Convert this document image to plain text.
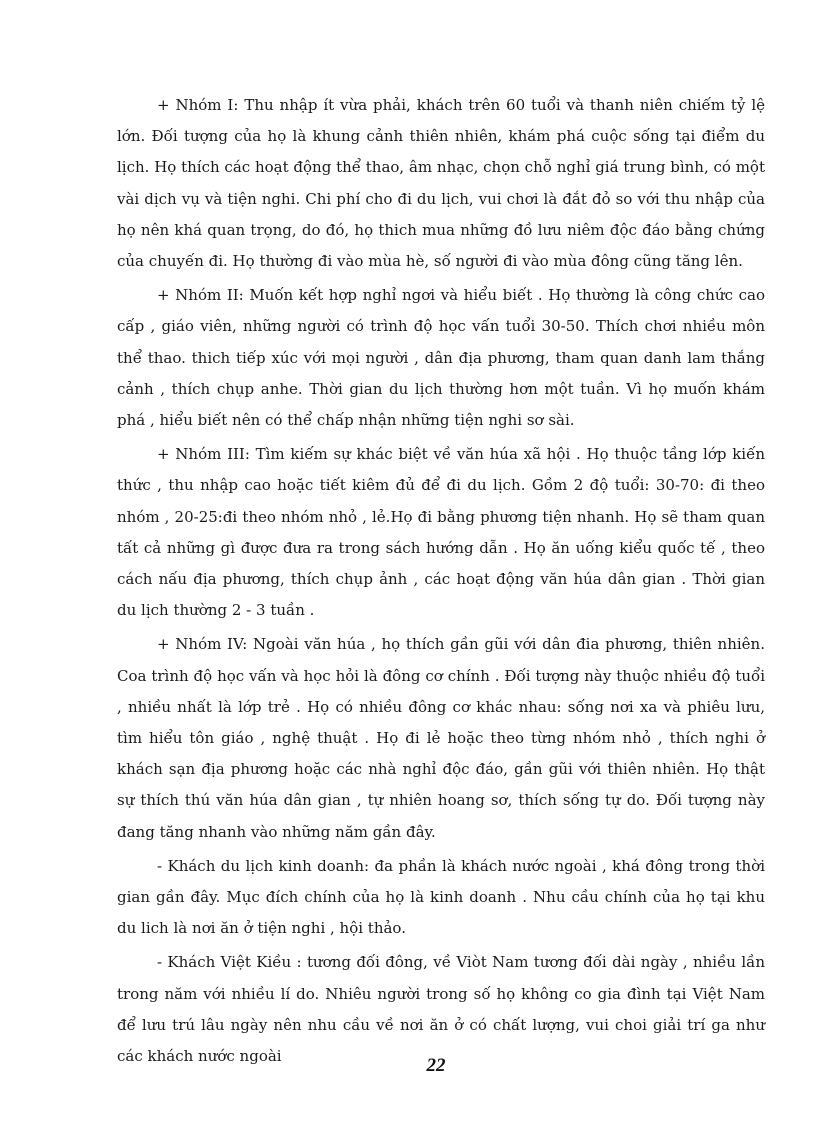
+ Nhóm I: Thu nhập ít vừa phải, khách trên 60 tuổi và thanh niên chiếm tỷ lệ lớn. Đối tượng của họ là khung cảnh thiên nhiên, khám phá cuộc sống tại điểm du lịch. Họ thích các hoạt động thể thao, âm nhạc, chọn chỗ nghỉ giá trung bình, có một vài dịch vụ và tiện nghi. Chi phí cho đi du lịch, vui chơi là đắt đỏ so với thu nhập của họ nên khá quan trọng, do đó, họ thich mua những đồ lưu niêm độc đáo bằng chứng của chuyến đi. Họ thường đi vào mùa hè, số người đi vào mùa đông cũng tăng lên.

+ Nhóm II: Muốn kết hợp nghỉ ngơi và hiểu biết . Họ thường là công chức cao cấp , giáo viên, những người có trình độ học vấn tuổi 30-50. Thích chơi nhiều môn thể thao. thich tiếp xúc với mọi người , dân địa phương, tham quan danh lam thắng cảnh , thích chụp anhe. Thời gian du lịch thường hơn một tuần. Vì họ muốn khám phá , hiểu biết nên có thể chấp nhận những tiện nghi sơ sài.

+ Nhóm III: Tìm kiếm sự khác biệt về văn húa xã hội . Họ thuộc tầng lớp kiến thức , thu nhập cao hoặc tiết kiêm đủ để đi du lịch. Gồm 2 độ tuổi: 30-70: đi theo nhóm , 20-25:đi theo nhóm nhỏ , lẻ.Họ đi bằng phương tiện nhanh. Họ sẽ tham quan tất cả những gì được đưa ra trong sách hướng dẫn . Họ ăn uống kiểu quốc tế , theo cách nấu địa phương, thích chụp ảnh , các hoạt động văn húa dân gian . Thời gian du lịch thường 2 - 3 tuần .

+ Nhóm IV: Ngoài văn húa , họ thích gần gũi với dân đia phương, thiên nhiên. Coa trình độ học vấn và học hỏi là đông cơ chính . Đối tượng này thuộc nhiều độ tuổi , nhiều nhất là lớp trẻ . Họ có nhiều đông cơ khác nhau: sống nơi xa và phiêu lưu, tìm hiểu tôn giáo , nghệ thuật . Họ đi lẻ hoặc theo từng nhóm nhỏ , thích nghi ở khách sạn địa phương hoặc các nhà nghỉ độc đáo, gần gũi với thiên nhiên. Họ thật sự thích thú văn húa dân gian , tự nhiên hoang sơ, thích sống tự do. Đối tượng này đang tăng nhanh vào những năm gần đây.

- Khách du lịch kinh doanh: đa phần là khách nước ngoài , khá đông trong thời gian gần đây. Mục đích chính của họ là kinh doanh . Nhu cầu chính của họ tại khu du lich là nơi ăn ở tiện nghi , hội thảo.

- Khách Việt Kiều : tương đối đông, về Viòt Nam tương đối dài ngày , nhiều lần trong năm với nhiều lí do. Nhiêu người trong số họ không co gia đình tại Việt Nam để lưu trú lâu ngày nên nhu cầu về nơi ăn ở có chất lượng, vui choi giải trí ga như các khách nước ngoài	22
